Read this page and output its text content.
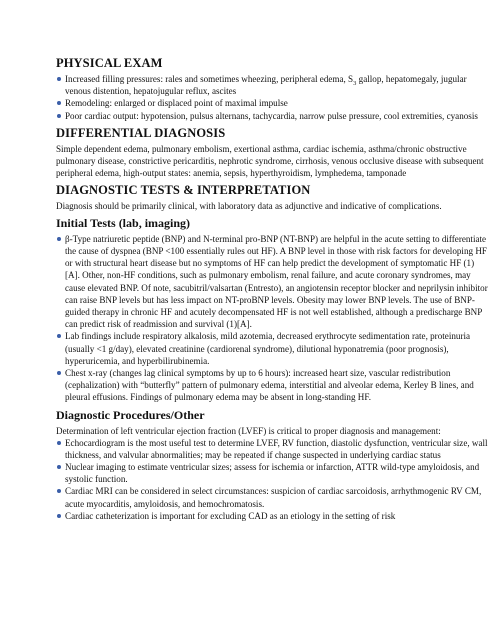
PHYSICAL EXAM
Increased filling pressures: rales and sometimes wheezing, peripheral edema, $S_3$ gallop, hepatomegaly, jugular venous distention, hepatojugular reflux, ascites
Remodeling: enlarged or displaced point of maximal impulse
Poor cardiac output: hypotension, pulsus alternans, tachycardia, narrow pulse pressure, cool extremities, cyanosis
DIFFERENTIAL DIAGNOSIS

Simple dependent edema, pulmonary embolism, exertional asthma, cardiac ischemia, asthma/chronic obstructive pulmonary disease, constrictive pericarditis, nephrotic syndrome, cirrhosis, venous occlusive disease with subsequent peripheral edema, high-output states: anemia, sepsis, hyperthyroidism, lymphedema, tamponade

DIAGNOSTIC TESTS & INTERPRETATION

Diagnosis should be primarily clinical, with laboratory data as adjunctive and indicative of complications.

Initial Tests (lab, imaging)
β-Type natriuretic peptide (BNP) and N-terminal pro-BNP (NT-BNP) are helpful in the acute setting to differentiate the cause of dyspnea (BNP <100 essentially rules out HF). A BNP level in those with risk factors for developing HF or with structural heart disease but no symptoms of HF can help predict the development of symptomatic HF (1)[A]. Other, non-HF conditions, such as pulmonary embolism, renal failure, and acute coronary syndromes, may cause elevated BNP. Of note, sacubitril/valsartan (Entresto), an angiotensin receptor blocker and neprilysin inhibitor can raise BNP levels but has less impact on NT-proBNP levels. Obesity may lower BNP levels. The use of BNP-guided therapy in chronic HF and acutely decompensated HF is not well established, although a predischarge BNP can predict risk of readmission and survival (1)[A].
Lab findings include respiratory alkalosis, mild azotemia, decreased erythrocyte sedimentation rate, proteinuria (usually <1 g/day), elevated creatinine (cardiorenal syndrome), dilutional hyponatremia (poor prognosis), hyperuricemia, and hyperbilirubinemia.
Chest x-ray (changes lag clinical symptoms by up to 6 hours): increased heart size, vascular redistribution (cephalization) with “butterfly” pattern of pulmonary edema, interstitial and alveolar edema, Kerley B lines, and pleural effusions. Findings of pulmonary edema may be absent in long-standing HF.
Diagnostic Procedures/Other

Determination of left ventricular ejection fraction (LVEF) is critical to proper diagnosis and management:

Echocardiogram is the most useful test to determine LVEF, RV function, diastolic dysfunction, ventricular size, wall thickness, and valvular abnormalities; may be repeated if change suspected in underlying cardiac status
Nuclear imaging to estimate ventricular sizes; assess for ischemia or infarction, ATTR wild-type amyloidosis, and systolic function.
Cardiac MRI can be considered in select circumstances: suspicion of cardiac sarcoidosis, arrhythmogenic RV CM, acute myocarditis, amyloidosis, and hemochromatosis.
Cardiac catheterization is important for excluding CAD as an etiology in the setting of risk
